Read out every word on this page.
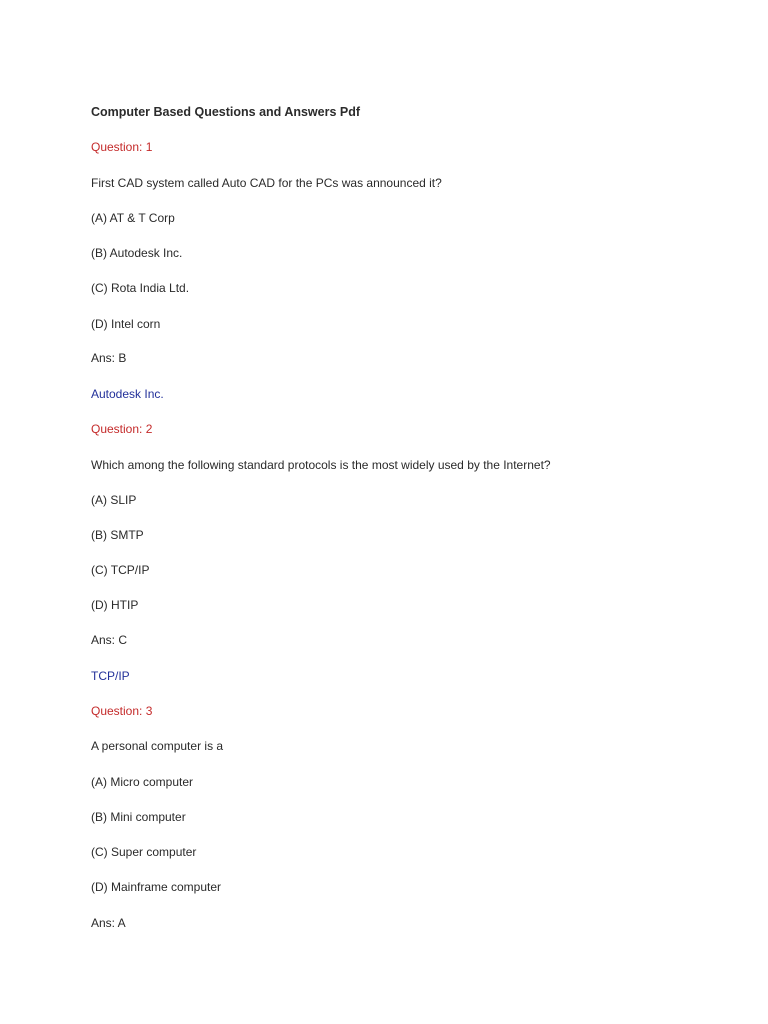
Computer Based Questions and Answers Pdf
Question: 1
First CAD system called Auto CAD for the PCs was announced it?
(A) AT & T Corp
(B) Autodesk Inc.
(C) Rota India Ltd.
(D) Intel corn
Ans: B
Autodesk Inc.
Question: 2
Which among the following standard protocols is the most widely used by the Internet?
(A) SLIP
(B) SMTP
(C) TCP/IP
(D) HTIP
Ans: C
TCP/IP
Question: 3
A personal computer is a
(A) Micro computer
(B) Mini computer
(C) Super computer
(D) Mainframe computer
Ans: A
